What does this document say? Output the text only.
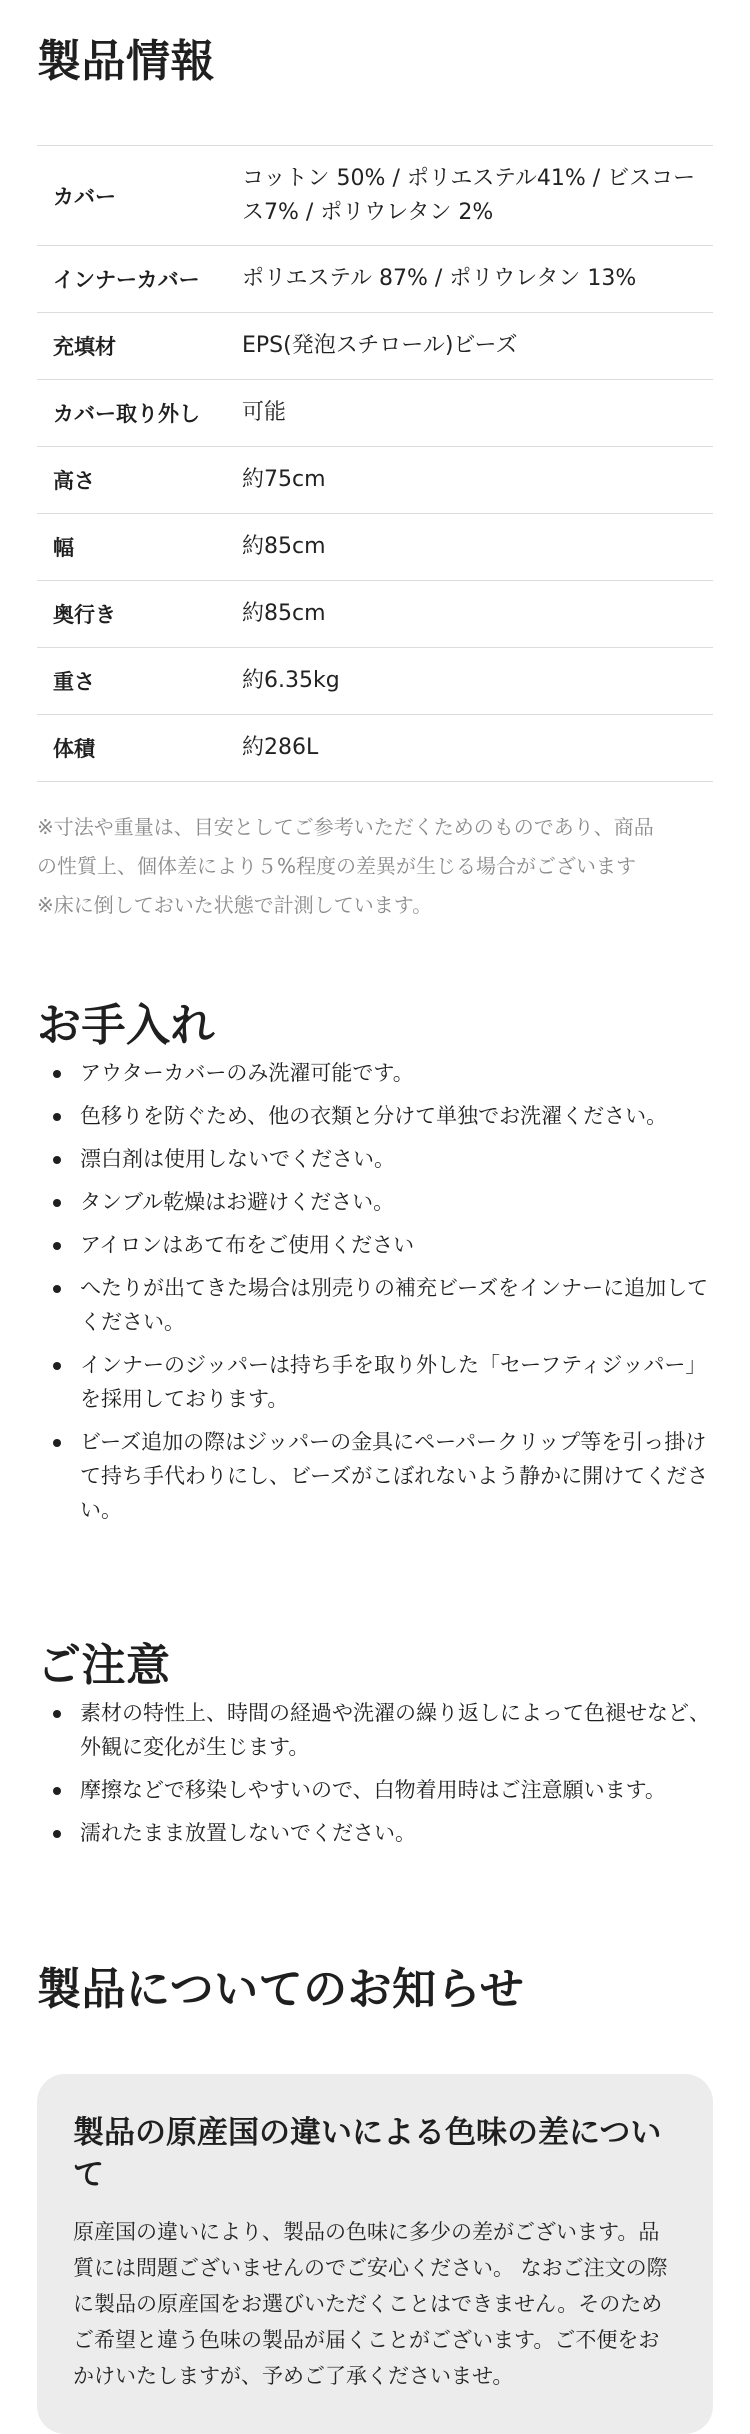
製品情報
カバー	コットン 50% / ポリエステル41% / ビスコース7% / ポリウレタン 2%
インナーカバー	ポリエステル 87% / ポリウレタン 13%
充填材	EPS(発泡スチロール)ビーズ
カバー取り外し	可能
高さ	約75cm
幅	約85cm
奥行き	約85cm
重さ	約6.35kg
体積	約286L
※寸法や重量は、目安としてご参考いただくためのものであり、商品
の性質上、個体差により５%程度の差異が生じる場合がございます
※床に倒しておいた状態で計測しています。
お手入れ
アウターカバーのみ洗濯可能です。
色移りを防ぐため、他の衣類と分けて単独でお洗濯ください。
漂白剤は使用しないでください。
タンブル乾燥はお避けください。
アイロンはあて布をご使用ください
へたりが出てきた場合は別売りの補充ビーズをインナーに追加してください。
インナーのジッパーは持ち手を取り外した「セーフティジッパー」を採用しております。
ビーズ追加の際はジッパーの金具にペーパークリップ等を引っ掛けて持ち手代わりにし、ビーズがこぼれないよう静かに開けてください。
ご注意
素材の特性上、時間の経過や洗濯の繰り返しによって色褪せなど、外観に変化が生じます。
摩擦などで移染しやすいので、白物着用時はご注意願います。
濡れたまま放置しないでください。
製品についてのお知らせ
製品の原産国の違いによる色味の差について

原産国の違いにより、製品の色味に多少の差がございます。品質には問題ございませんのでご安心ください。 なおご注文の際に製品の原産国をお選びいただくことはできません。そのためご希望と違う色味の製品が届くことがございます。ご不便をおかけいたしますが、予めご了承くださいませ。
